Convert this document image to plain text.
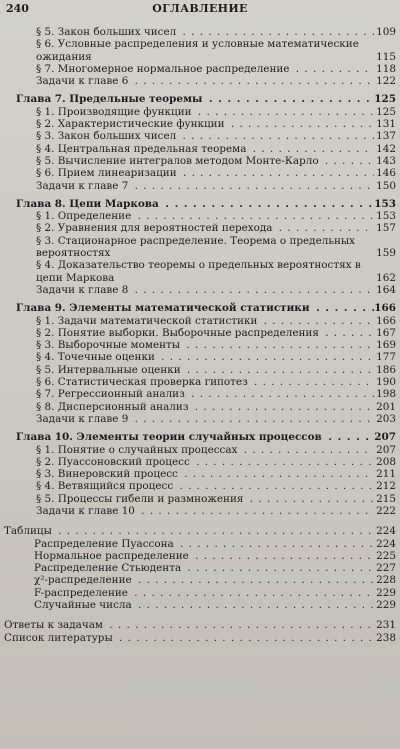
240	ОГЛАВЛЕНИЕ
§ 5. Закон больших чисел . . .	109
§ 6. Условные распределения и условные математические ожидания	115
§ 7. Многомерное нормальное распределение . . .	118
Задачи к главе 6 . . .	122
Глава 7. Предельные теоремы . . .	125
§ 1. Производящие функции . . .	125
§ 2. Характеристические функции . . .	131
§ 3. Закон больших чисел . . .	137
§ 4. Центральная предельная теорема . . .	142
§ 5. Вычисление интегралов методом Монте-Карло . . .	143
§ 6. Прием линеаризации . . .	146
Задачи к главе 7 . . .	150
Глава 8. Цепи Маркова . . .	153
§ 1. Определение . . .	153
§ 2. Уравнения для вероятностей перехода . . .	157
§ 3. Стационарное распределение. Теорема о предельных вероятностях	159
§ 4. Доказательство теоремы о предельных вероятностях в цепи Маркова	162
Задачи к главе 8 . . .	164
Глава 9. Элементы математической статистики . . .	166
§ 1. Задачи математической статистики . . .	166
§ 2. Понятие выборки. Выборочные распределения . . .	167
§ 3. Выборочные моменты . . .	169
§ 4. Точечные оценки . . .	177
§ 5. Интервальные оценки . . .	186
§ 6. Статистическая проверка гипотез . . .	190
§ 7. Регрессионный анализ . . .	198
§ 8. Дисперсионный анализ . . .	201
Задачи к главе 9 . . .	203
Глава 10. Элементы теории случайных процессов . . .	207
§ 1. Понятие о случайных процессах . . .	207
§ 2. Пуассоновский процесс . . .	208
§ 3. Винеровский процесс . . .	211
§ 4. Ветвящийся процесс . . .	212
§ 5. Процессы гибели и размножения . . .	215
Задачи к главе 10 . . .	222
Таблицы . . .	224
Распределение Пуассона . . .	224
Нормальное распределение . . .	225
Распределение Стьюдента . . .	227
χ²-распределение . . .	228
F-распределение . . .	229
Случайные числа . . .	229
Ответы к задачам . . .	231
Список литературы . . .	238
